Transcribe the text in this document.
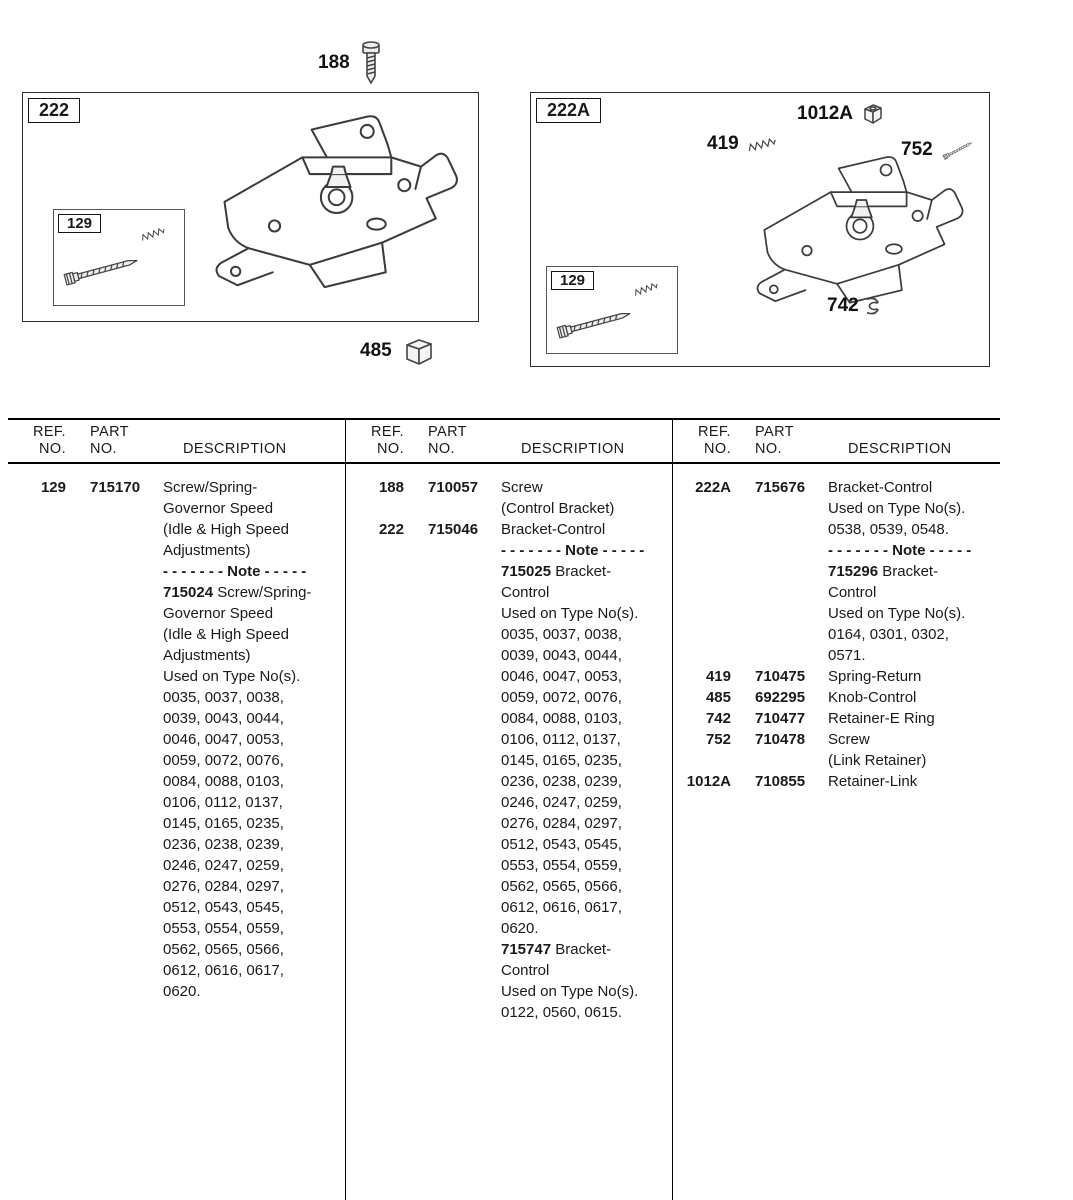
188
222
129
485
222A	1012A
419	752
129
742
REF.
NO.
PART
NO.	DESCRIPTION
129 715170	Screw/Spring-
Governor Speed
(Idle & High Speed
Adjustments)
- - - - - - - Note - - - - -
715024 Screw/Spring-
Governor Speed
(Idle & High Speed
Adjustments)
Used on Type No(s).
0035, 0037, 0038,
0039, 0043, 0044,
0046, 0047, 0053,
0059, 0072, 0076,
0084, 0088, 0103,
0106, 0112, 0137,
0145, 0165, 0235,
0236, 0238, 0239,
0246, 0247, 0259,
0276, 0284, 0297,
0512, 0543, 0545,
0553, 0554, 0559,
0562, 0565, 0566,
0612, 0616, 0617,
0620.
REF.
NO.
PART
NO.	DESCRIPTION
188 710057	Screw
(Control Bracket)
222 715046	Bracket-Control
- - - - - - - Note - - - - -
715025 Bracket-
Control
Used on Type No(s).
0035, 0037, 0038,
0039, 0043, 0044,
0046, 0047, 0053,
0059, 0072, 0076,
0084, 0088, 0103,
0106, 0112, 0137,
0145, 0165, 0235,
0236, 0238, 0239,
0246, 0247, 0259,
0276, 0284, 0297,
0512, 0543, 0545,
0553, 0554, 0559,
0562, 0565, 0566,
0612, 0616, 0617,
0620.
715747 Bracket-
Control
Used on Type No(s).
0122, 0560, 0615.
REF.
NO.
PART
NO.	DESCRIPTION
222A 715676	Bracket-Control
Used on Type No(s).
0538, 0539, 0548.
- - - - - - - Note - - - - -
715296 Bracket-
Control
Used on Type No(s).
0164, 0301, 0302,
0571.
419 710475	Spring-Return
485 692295	Knob-Control
742 710477	Retainer-E Ring
752 710478	Screw
(Link Retainer)
1012A 710855	Retainer-Link
